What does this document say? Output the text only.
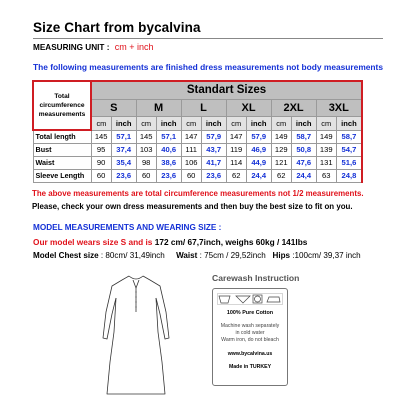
Size Chart from bycalvina
MEASURING UNIT : cm + inch
The following measurements are finished dress measurements not body measurements
Total circumference measurements	Standart Sizes											
	S		M		L		XL		2XL		3XL	
	cm	inch	cm	inch	cm	inch	cm	inch	cm	inch	cm	inch
Total length	145	57,1	145	57,1	147	57,9	147	57,9	149	58,7	149	58,7
Bust	95	37,4	103	40,6	111	43,7	119	46,9	129	50,8	139	54,7
Waist	90	35,4	98	38,6	106	41,7	114	44,9	121	47,6	131	51,6
Sleeve Length	60	23,6	60	23,6	60	23,6	62	24,4	62	24,4	63	24,8
The above measurements are total circumference measurements not 1/2 measurements.
Please, check your own dress measurements and then buy the best size to fit on you.
MODEL MEASUREMENTS AND WEARING SIZE :
Our model wears size S and is 172 cm/ 67,7inch, weighs 60kg / 141lbs
Model Chest size : 80cm/ 31,49inch Waist : 75cm / 29,52inch Hips :100cm/ 39,37 inch
Carewash Instruction
100% Pure Cotton
Machine wash separately
in cold water
Warm iron, do not bleach
www.bycalvina.us
Made in TURKEY
